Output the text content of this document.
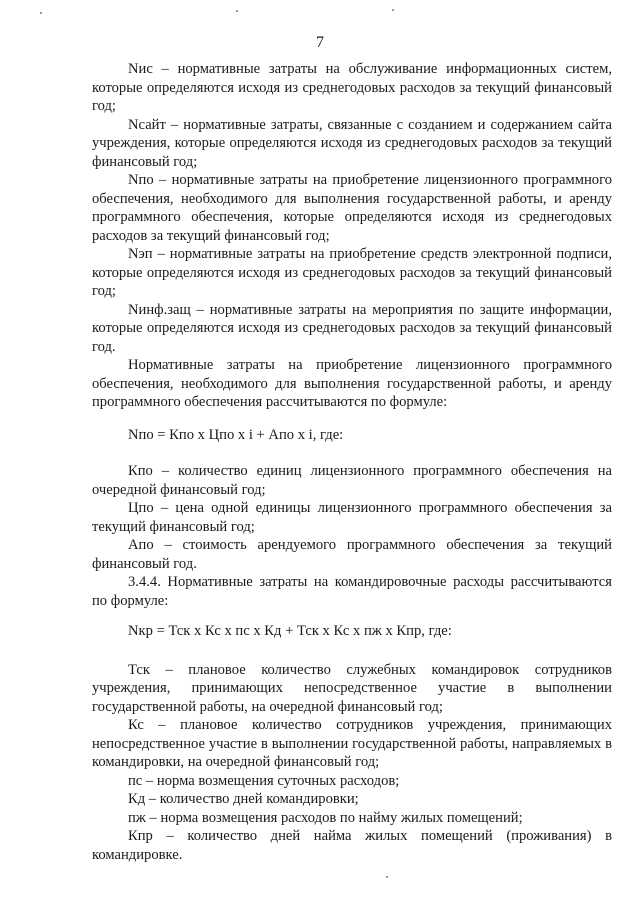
7

Nис – нормативные затраты на обслуживание информационных систем, которые определяются исходя из среднегодовых расходов за текущий финансовый год;

Nсайт – нормативные затраты, связанные с созданием и содержанием сайта учреждения, которые определяются исходя из среднегодовых расходов за текущий финансовый год;

Nпо – нормативные затраты на приобретение лицензионного программного обеспечения, необходимого для выполнения государственной работы, и аренду программного обеспечения, которые определяются исходя из среднегодовых расходов за текущий финансовый год;

Nэп – нормативные затраты на приобретение средств электронной подписи, которые определяются исходя из среднегодовых расходов за текущий финансовый год;

Nинф.защ – нормативные затраты на мероприятия по защите информации, которые определяются исходя из среднегодовых расходов за текущий финансовый год.

Нормативные затраты на приобретение лицензионного программного обеспечения, необходимого для выполнения государственной работы, и аренду программного обеспечения рассчитываются по формуле:

Nпо = Кпо х Цпо х i + Апо х i, где:

Кпо – количество единиц лицензионного программного обеспечения на очередной финансовый год;

Цпо – цена одной единицы лицензионного программного обеспечения за текущий финансовый год;

Апо – стоимость арендуемого программного обеспечения за текущий финансовый год.

3.4.4. Нормативные затраты на командировочные расходы рассчитываются по формуле:

Nкр = Тск х Кс х пс х Кд + Тск х Кс х пж х Кпр, где:

Тск – плановое количество служебных командировок сотрудников учреждения, принимающих непосредственное участие в выполнении государственной работы, на очередной финансовый год;

Кс – плановое количество сотрудников учреждения, принимающих непосредственное участие в выполнении государственной работы, направляемых в командировки, на очередной финансовый год;

пс – норма возмещения суточных расходов;

Кд – количество дней командировки;

пж – норма возмещения расходов по найму жилых помещений;

Кпр – количество дней найма жилых помещений (проживания) в командировке.
